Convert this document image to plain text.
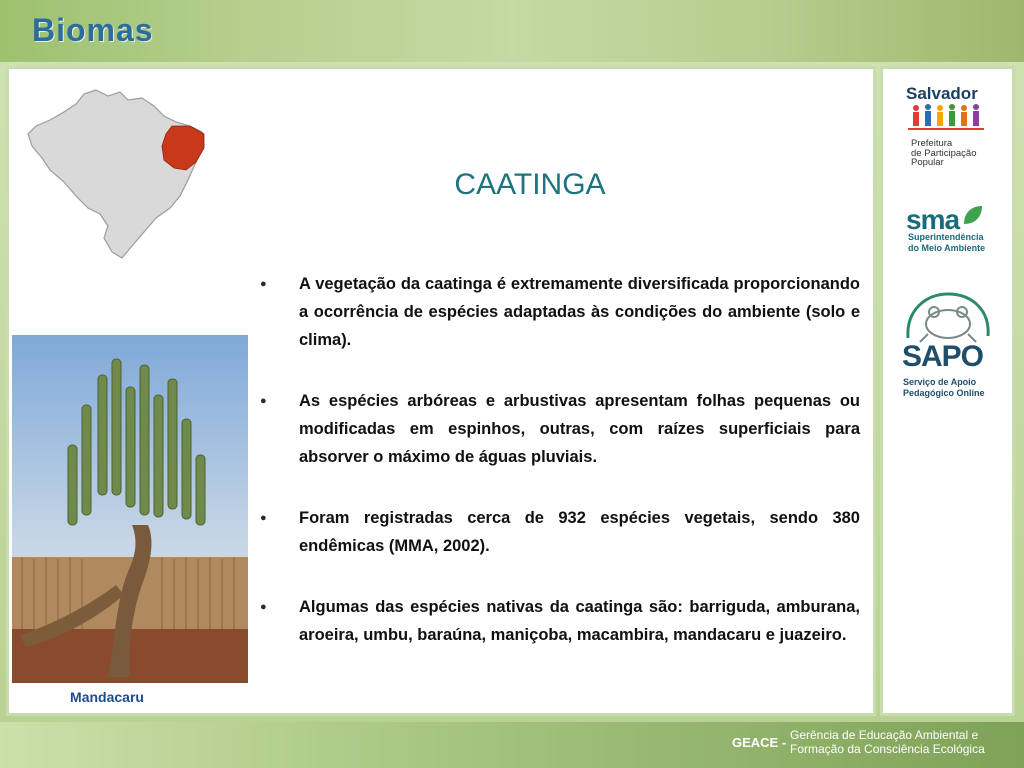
Biomas
CAATINGA
● A vegetação da caatinga é extremamente diversificada proporcionando a ocorrência de espécies adaptadas às condições do ambiente (solo e clima).
● As espécies arbóreas e arbustivas apresentam folhas pequenas ou modificadas em espinhos, outras, com raízes superficiais para absorver o máximo de águas pluviais.
● Foram registradas cerca de 932 espécies vegetais, sendo 380 endêmicas (MMA, 2002).
● Algumas das espécies nativas da caatinga são: barriguda, amburana, aroeira, umbu, baraúna, maniçoba, macambira, mandacaru e juazeiro.
Mandacaru
Salvador
Prefeitura
de Participação
Popular
sma
Superintendência
do Meio Ambiente
SAPO
Serviço de Apoio
Pedagógico Online
GEACE - Gerência de Educação Ambiental e
Formação da Consciência Ecológica
